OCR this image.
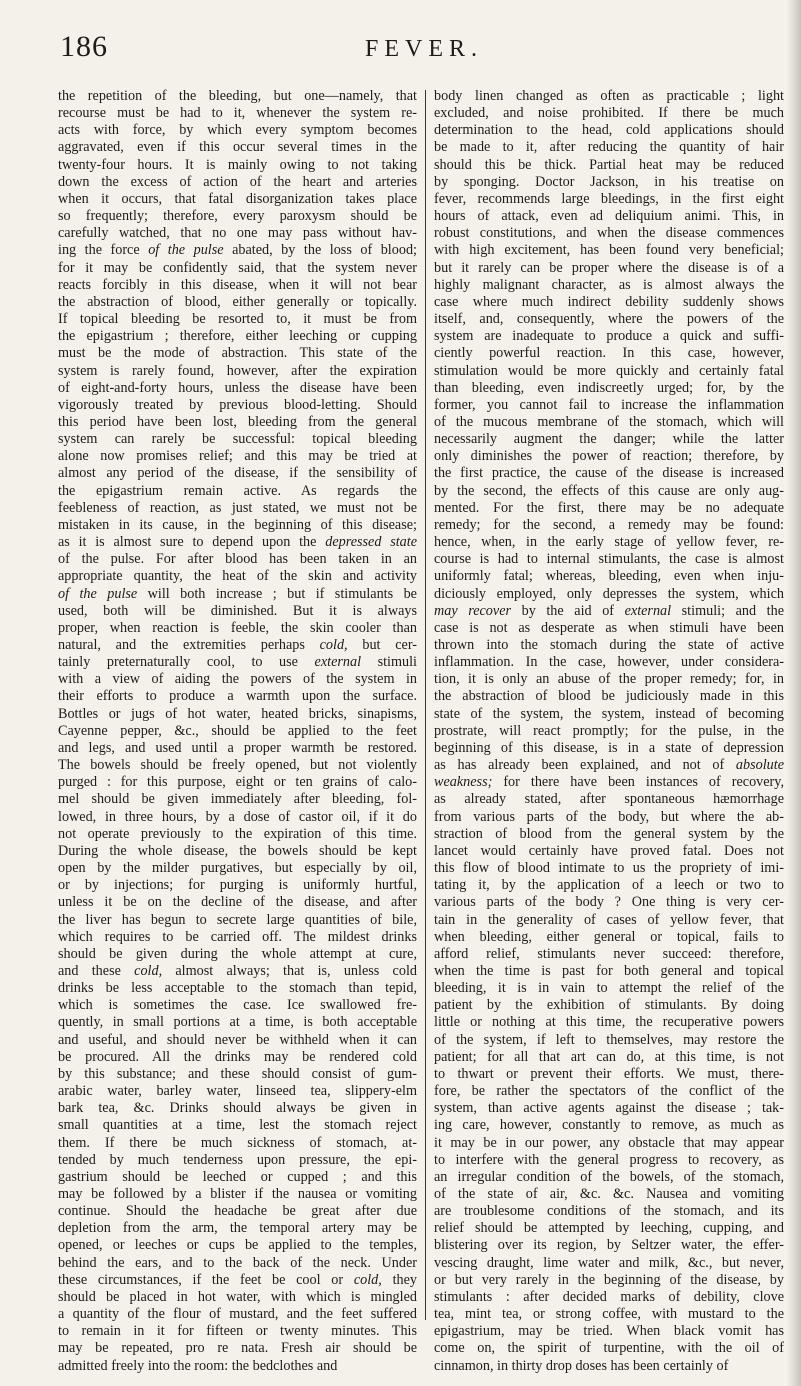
186	FEVER.
the repetition of the bleeding, but one—namely, that
recourse must be had to it, whenever the system re-
acts with force, by which every symptom becomes
aggravated, even if this occur several times in the
twenty-four hours. It is mainly owing to not taking
down the excess of action of the heart and arteries
when it occurs, that fatal disorganization takes place
so frequently; therefore, every paroxysm should be
carefully watched, that no one may pass without hav-
ing the force of the pulse abated, by the loss of blood;
for it may be confidently said, that the system never
reacts forcibly in this disease, when it will not bear
the abstraction of blood, either generally or topically.
If topical bleeding be resorted to, it must be from
the epigastrium ; therefore, either leeching or cupping
must be the mode of abstraction. This state of the
system is rarely found, however, after the expiration
of eight-and-forty hours, unless the disease have been
vigorously treated by previous blood-letting. Should
this period have been lost, bleeding from the general
system can rarely be successful: topical bleeding
alone now promises relief; and this may be tried at
almost any period of the disease, if the sensibility of
the epigastrium remain active. As regards the
feebleness of reaction, as just stated, we must not be
mistaken in its cause, in the beginning of this disease;
as it is almost sure to depend upon the depressed state
of the pulse. For after blood has been taken in an
appropriate quantity, the heat of the skin and activity
of the pulse will both increase ; but if stimulants be
used, both will be diminished. But it is always
proper, when reaction is feeble, the skin cooler than
natural, and the extremities perhaps cold, but cer-
tainly preternaturally cool, to use external stimuli
with a view of aiding the powers of the system in
their efforts to produce a warmth upon the surface.
Bottles or jugs of hot water, heated bricks, sinapisms,
Cayenne pepper, &c., should be applied to the feet
and legs, and used until a proper warmth be restored.
The bowels should be freely opened, but not violently
purged : for this purpose, eight or ten grains of calo-
mel should be given immediately after bleeding, fol-
lowed, in three hours, by a dose of castor oil, if it do
not operate previously to the expiration of this time.
During the whole disease, the bowels should be kept
open by the milder purgatives, but especially by oil,
or by injections; for purging is uniformly hurtful,
unless it be on the decline of the disease, and after
the liver has begun to secrete large quantities of bile,
which requires to be carried off. The mildest drinks
should be given during the whole attempt at cure,
and these cold, almost always; that is, unless cold
drinks be less acceptable to the stomach than tepid,
which is sometimes the case. Ice swallowed fre-
quently, in small portions at a time, is both acceptable
and useful, and should never be withheld when it can
be procured. All the drinks may be rendered cold
by this substance; and these should consist of gum-
arabic water, barley water, linseed tea, slippery-elm
bark tea, &c. Drinks should always be given in
small quantities at a time, lest the stomach reject
them. If there be much sickness of stomach, at-
tended by much tenderness upon pressure, the epi-
gastrium should be leeched or cupped ; and this
may be followed by a blister if the nausea or vomiting
continue. Should the headache be great after due
depletion from the arm, the temporal artery may be
opened, or leeches or cups be applied to the temples,
behind the ears, and to the back of the neck. Under
these circumstances, if the feet be cool or cold, they
should be placed in hot water, with which is mingled
a quantity of the flour of mustard, and the feet suffered
to remain in it for fifteen or twenty minutes. This
may be repeated, pro re nata. Fresh air should be
admitted freely into the room: the bedclothes and
body linen changed as often as practicable ; light
excluded, and noise prohibited. If there be much
determination to the head, cold applications should
be made to it, after reducing the quantity of hair
should this be thick. Partial heat may be reduced
by sponging. Doctor Jackson, in his treatise on
fever, recommends large bleedings, in the first eight
hours of attack, even ad deliquium animi. This, in
robust constitutions, and when the disease commences
with high excitement, has been found very beneficial;
but it rarely can be proper where the disease is of a
highly malignant character, as is almost always the
case where much indirect debility suddenly shows
itself, and, consequently, where the powers of the
system are inadequate to produce a quick and suffi-
ciently powerful reaction. In this case, however,
stimulation would be more quickly and certainly fatal
than bleeding, even indiscreetly urged; for, by the
former, you cannot fail to increase the inflammation
of the mucous membrane of the stomach, which will
necessarily augment the danger; while the latter
only diminishes the power of reaction; therefore, by
the first practice, the cause of the disease is increased
by the second, the effects of this cause are only aug-
mented. For the first, there may be no adequate
remedy; for the second, a remedy may be found:
hence, when, in the early stage of yellow fever, re-
course is had to internal stimulants, the case is almost
uniformly fatal; whereas, bleeding, even when inju-
diciously employed, only depresses the system, which
may recover by the aid of external stimuli; and the
case is not as desperate as when stimuli have been
thrown into the stomach during the state of active
inflammation. In the case, however, under considera-
tion, it is only an abuse of the proper remedy; for, in
the abstraction of blood be judiciously made in this
state of the system, the system, instead of becoming
prostrate, will react promptly; for the pulse, in the
beginning of this disease, is in a state of depression
as has already been explained, and not of absolute
weakness; for there have been instances of recovery,
as already stated, after spontaneous hæmorrhage
from various parts of the body, but where the ab-
straction of blood from the general system by the
lancet would certainly have proved fatal. Does not
this flow of blood intimate to us the propriety of imi-
tating it, by the application of a leech or two to
various parts of the body ? One thing is very cer-
tain in the generality of cases of yellow fever, that
when bleeding, either general or topical, fails to
afford relief, stimulants never succeed: therefore,
when the time is past for both general and topical
bleeding, it is in vain to attempt the relief of the
patient by the exhibition of stimulants. By doing
little or nothing at this time, the recuperative powers
of the system, if left to themselves, may restore the
patient; for all that art can do, at this time, is not
to thwart or prevent their efforts. We must, there-
fore, be rather the spectators of the conflict of the
system, than active agents against the disease ; tak-
ing care, however, constantly to remove, as much as
it may be in our power, any obstacle that may appear
to interfere with the general progress to recovery, as
an irregular condition of the bowels, of the stomach,
of the state of air, &c. &c. Nausea and vomiting
are troublesome conditions of the stomach, and its
relief should be attempted by leeching, cupping, and
blistering over its region, by Seltzer water, the effer-
vescing draught, lime water and milk, &c., but never,
or but very rarely in the beginning of the disease, by
stimulants : after decided marks of debility, clove
tea, mint tea, or strong coffee, with mustard to the
epigastrium, may be tried. When black vomit has
come on, the spirit of turpentine, with the oil of
cinnamon, in thirty drop doses has been certainly of
